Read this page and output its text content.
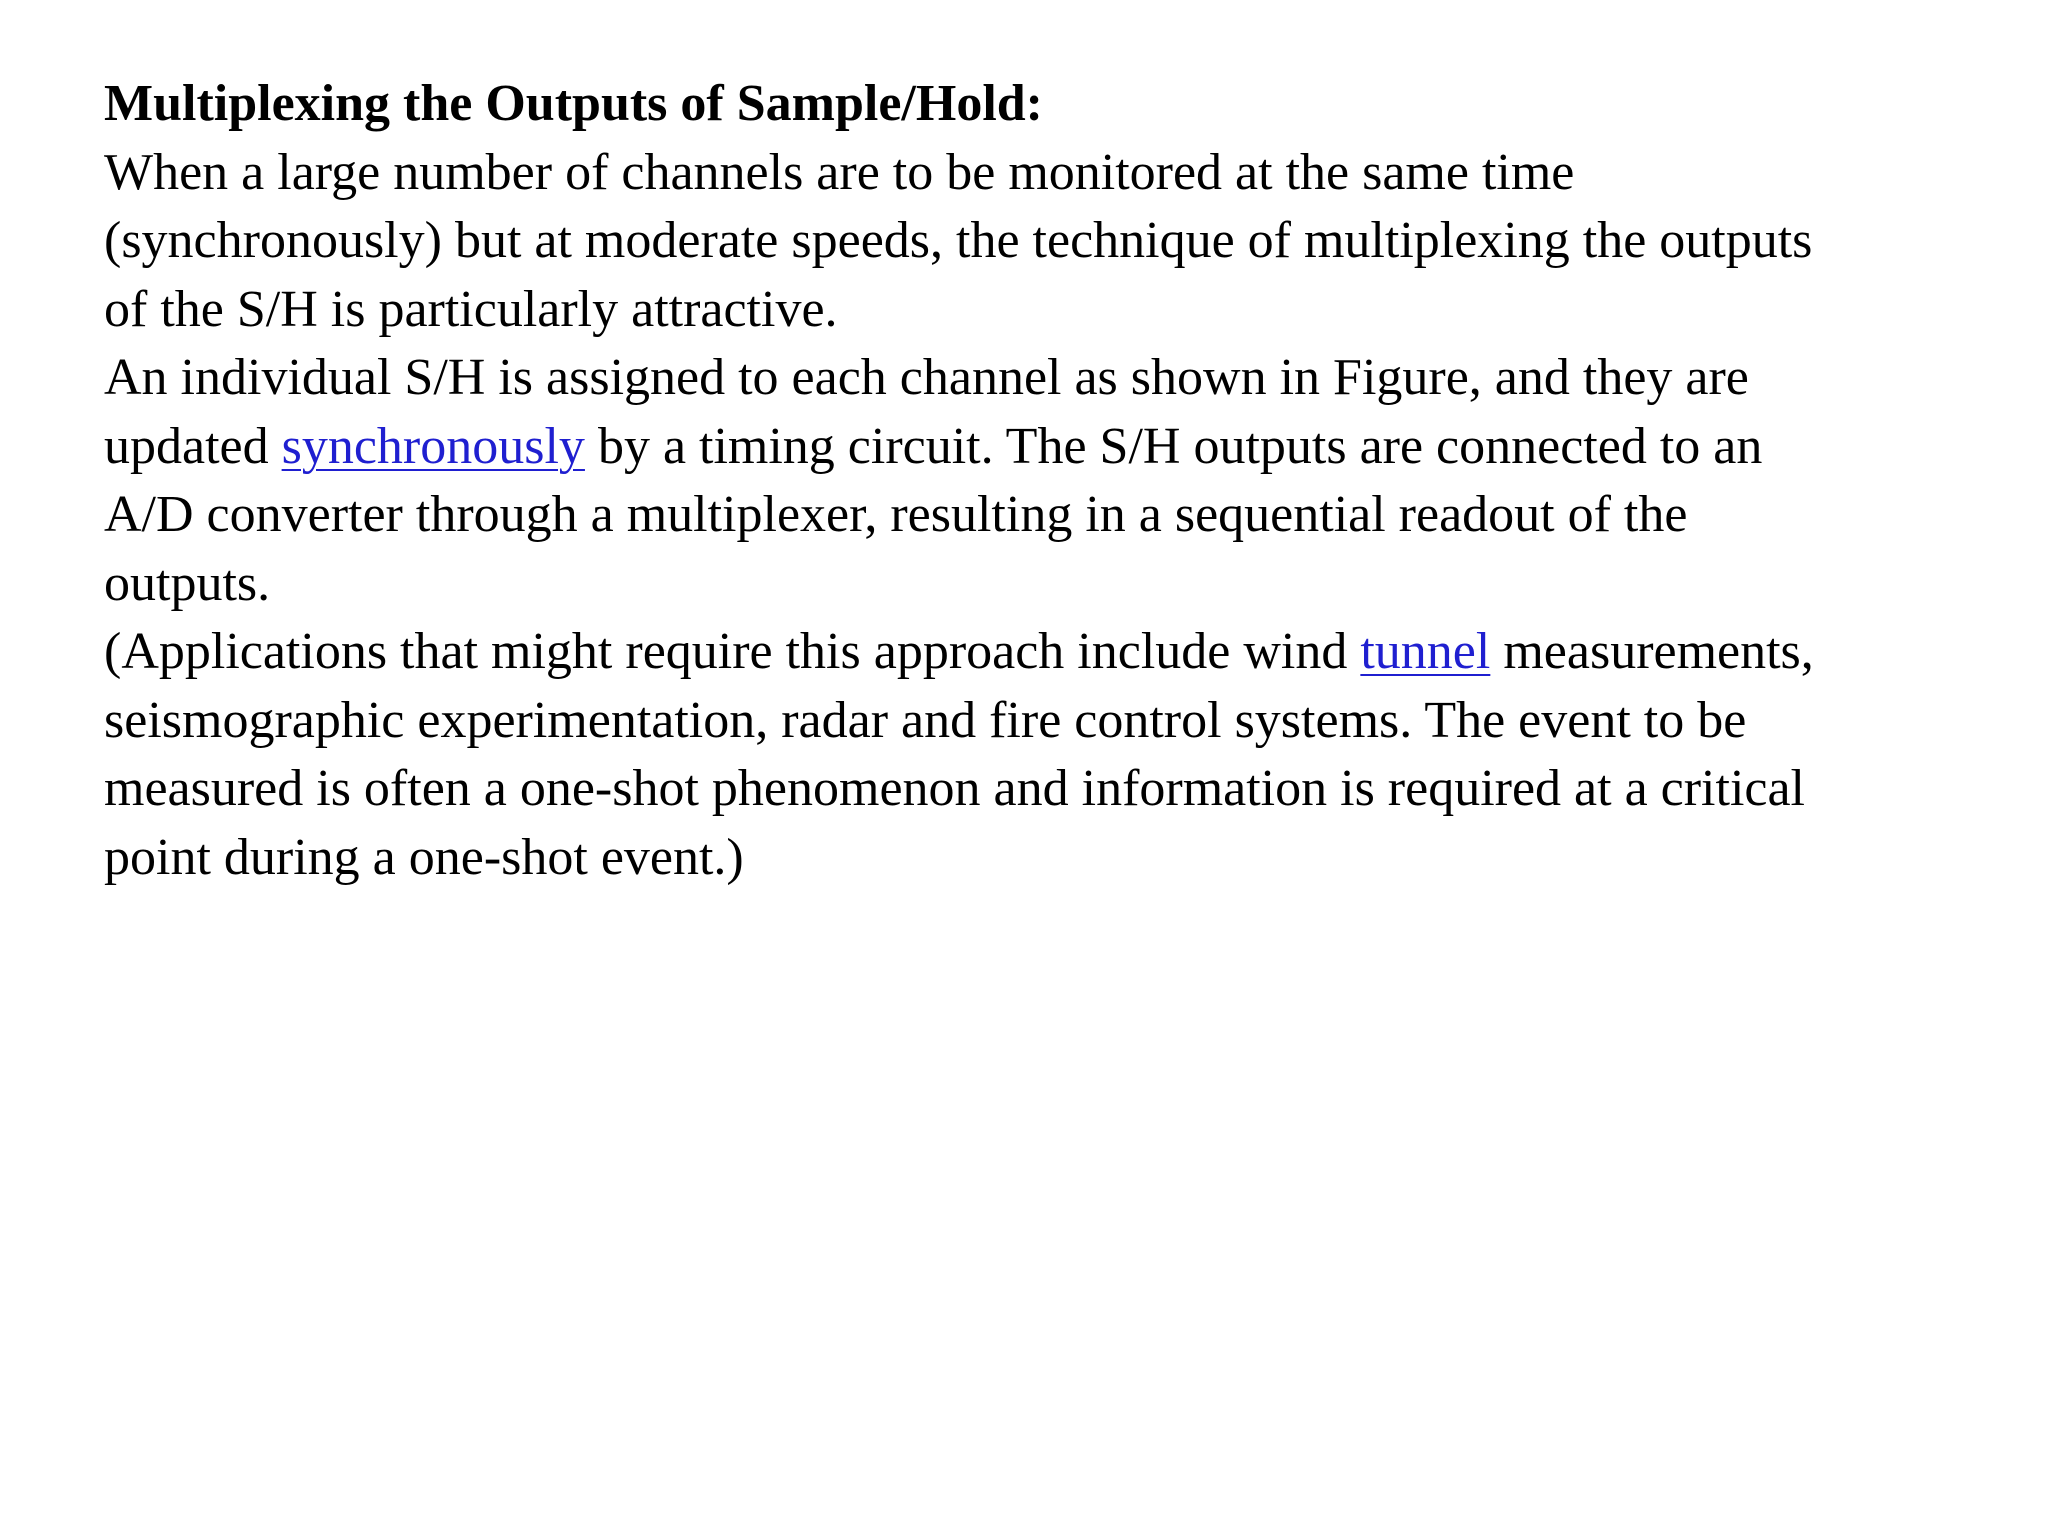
Multiplexing the Outputs of Sample/Hold:

When a large number of channels are to be monitored at the same time
(synchronously) but at moderate speeds, the technique of multiplexing the outputs
of the S/H is particularly attractive.

An individual S/H is assigned to each channel as shown in Figure, and they are
updated synchronously by a timing circuit. The S/H outputs are connected to an
A/D converter through a multiplexer, resulting in a sequential readout of the
outputs.

(Applications that might require this approach include wind tunnel measurements,
seismographic experimentation, radar and fire control systems. The event to be
measured is often a one-shot phenomenon and information is required at a critical
point during a one-shot event.)
